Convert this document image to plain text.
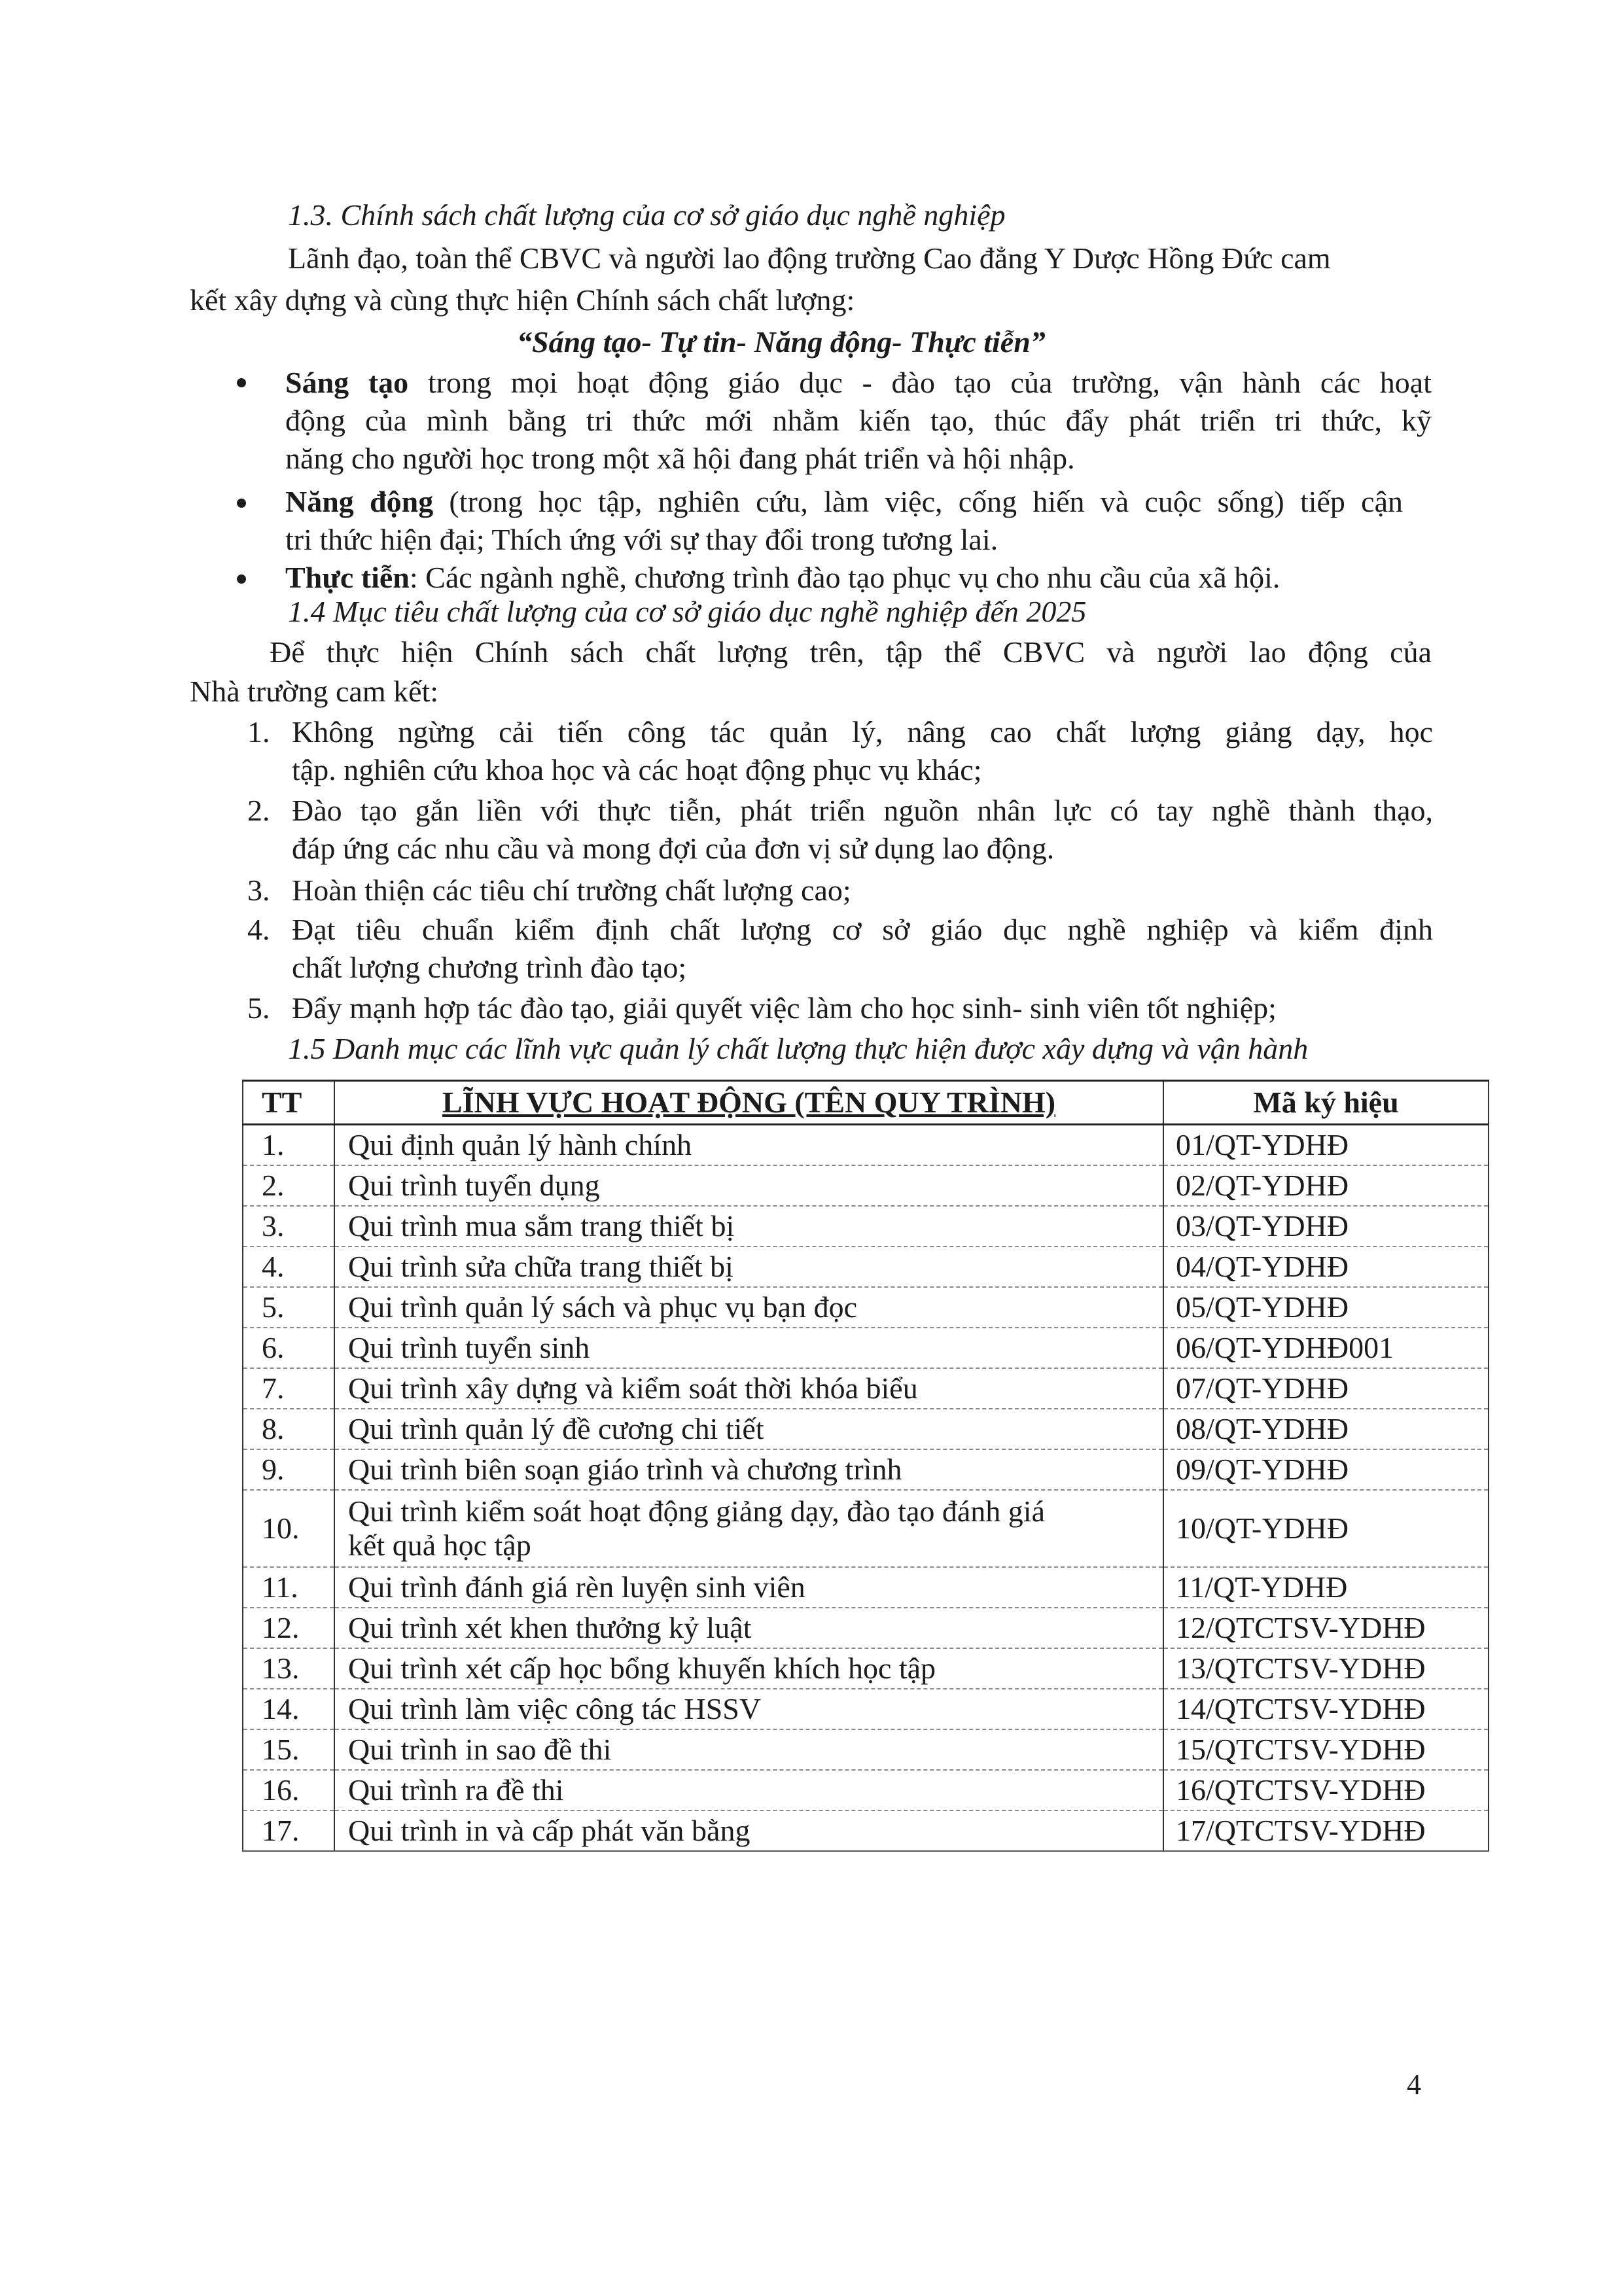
1.3. Chính sách chất lượng của cơ sở giáo dục nghề nghiệp
Lãnh đạo, toàn thể CBVC và người lao động trường Cao đẳng Y Dược Hồng Đức cam
kết xây dựng và cùng thực hiện Chính sách chất lượng:
“Sáng tạo- Tự tin- Năng động- Thực tiễn”
Sáng tạo trong mọi hoạt động giáo dục - đào tạo của trường, vận hành các hoạt
động của mình bằng tri thức mới nhằm kiến tạo, thúc đẩy phát triển tri thức, kỹ
năng cho người học trong một xã hội đang phát triển và hội nhập.
Năng động (trong học tập, nghiên cứu, làm việc, cống hiến và cuộc sống) tiếp cận
tri thức hiện đại; Thích ứng với sự thay đổi trong tương lai.
Thực tiễn: Các ngành nghề, chương trình đào tạo phục vụ cho nhu cầu của xã hội.
1.4 Mục tiêu chất lượng của cơ sở giáo dục nghề nghiệp đến 2025
Để thực hiện Chính sách chất lượng trên, tập thể CBVC và người lao động của
Nhà trường cam kết:
1. Không ngừng cải tiến công tác quản lý, nâng cao chất lượng giảng dạy, học
tập. nghiên cứu khoa học và các hoạt động phục vụ khác;
2. Đào tạo gắn liền với thực tiễn, phát triển nguồn nhân lực có tay nghề thành thạo,
đáp ứng các nhu cầu và mong đợi của đơn vị sử dụng lao động.
3. Hoàn thiện các tiêu chí trường chất lượng cao;
4. Đạt tiêu chuẩn kiểm định chất lượng cơ sở giáo dục nghề nghiệp và kiểm định
chất lượng chương trình đào tạo;
5. Đẩy mạnh hợp tác đào tạo, giải quyết việc làm cho học sinh- sinh viên tốt nghiệp;
1.5 Danh mục các lĩnh vực quản lý chất lượng thực hiện được xây dựng và vận hành
TT	LĨNH VỰC HOẠT ĐỘNG (TÊN QUY TRÌNH)	Mã ký hiệu
1.	Qui định quản lý hành chính	01/QT-YDHĐ
2.	Qui trình tuyển dụng	02/QT-YDHĐ
3.	Qui trình mua sắm trang thiết bị	03/QT-YDHĐ
4.	Qui trình sửa chữa trang thiết bị	04/QT-YDHĐ
5.	Qui trình quản lý sách và phục vụ bạn đọc	05/QT-YDHĐ
6.	Qui trình tuyển sinh	06/QT-YDHĐ001
7.	Qui trình xây dựng và kiểm soát thời khóa biểu	07/QT-YDHĐ
8.	Qui trình quản lý đề cương chi tiết	08/QT-YDHĐ
9.	Qui trình biên soạn giáo trình và chương trình	09/QT-YDHĐ
10.	Qui trình kiểm soát hoạt động giảng dạy, đào tạo đánh giá
kết quả học tập	10/QT-YDHĐ
11.	Qui trình đánh giá rèn luyện sinh viên	11/QT-YDHĐ
12.	Qui trình xét khen thưởng kỷ luật	12/QTCTSV-YDHĐ
13.	Qui trình xét cấp học bổng khuyến khích học tập	13/QTCTSV-YDHĐ
14.	Qui trình làm việc công tác HSSV	14/QTCTSV-YDHĐ
15.	Qui trình in sao đề thi	15/QTCTSV-YDHĐ
16.	Qui trình ra đề thi	16/QTCTSV-YDHĐ
17.	Qui trình in và cấp phát văn bằng	17/QTCTSV-YDHĐ
4
